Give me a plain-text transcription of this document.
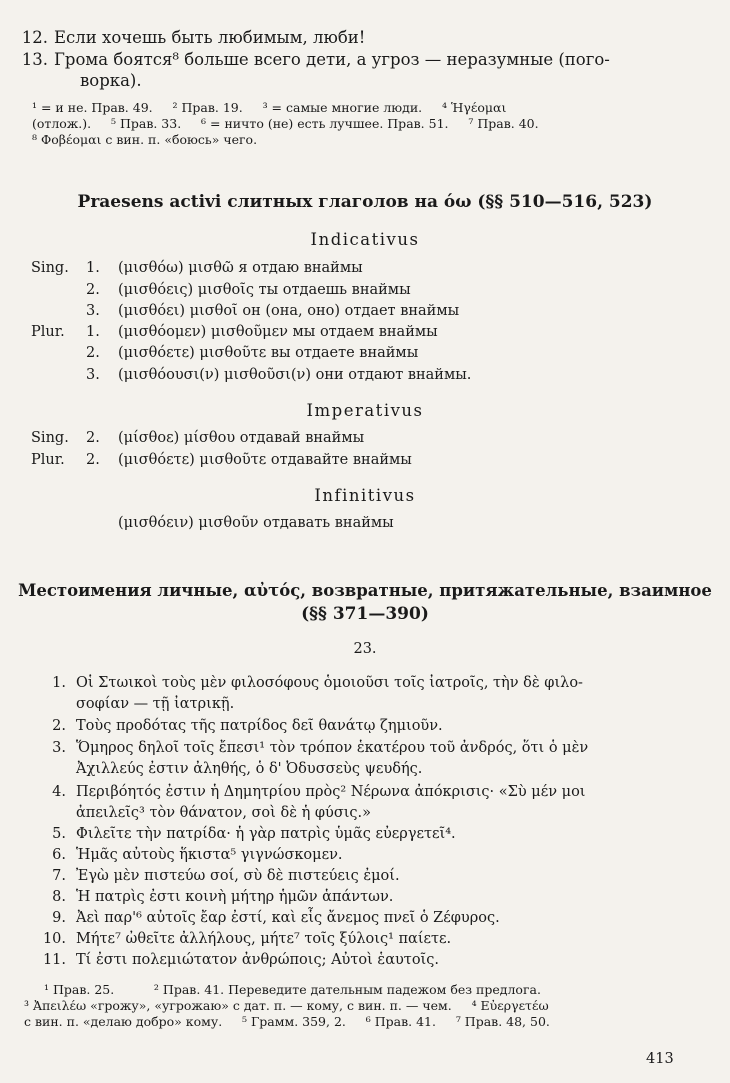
12. Если хочешь быть любимым, люби!
13. Грома боятся⁸ больше всего дети, а угроз — неразумные (пого-
ворка).
¹ = и не. Прав. 49.     ² Прав. 19.     ³ = самые многие люди.     ⁴ Ἡγέομαι
(отлож.).     ⁵ Прав. 33.     ⁶ = ничто (не) есть лучшее. Прав. 51.     ⁷ Прав. 40.
⁸ Φοβέομαι с вин. п. «боюсь» чего.
Praesens activi слитных глаголов на όω (§§ 510—516, 523)
Indicativus
Sing. 1. (μισθόω) μισθῶ я отдаю внаймы
2. (μισθόεις) μισθοῖς ты отдаешь внаймы
3. (μισθόει) μισθοῖ он (она, оно) отдает внаймы
Plur. 1. (μισθόομεν) μισθοῦμεν мы отдаем внаймы
2. (μισθόετε) μισθοῦτε вы отдаете внаймы
3. (μισθόουσι(ν) μισθοῦσι(ν) они отдают внаймы.
Imperativus
Sing. 2. (μίσθοε) μίσθου отдавай внаймы
Plur. 2. (μισθόετε) μισθοῦτε отдавайте внаймы
Infinitivus
(μισθόειν) μισθοῦν отдавать внаймы
Местоимения личные, αὐτός, возвратные, притяжательные, взаимное
(§§ 371—390)
23.
1. Οἱ Στωικοὶ τοὺς μὲν φιλοσόφους ὁμοιοῦσι τοῖς ἰατροῖς, τὴν δὲ φιλο-
σοφίαν — τῇ ἰατρικῇ.
2. Τοὺς προδότας τῆς πατρίδος δεῖ θανάτῳ ζημιοῦν.
3. Ὅμηρος δηλοῖ τοῖς ἔπεσι¹ τὸν τρόπον ἑκατέρου τοῦ ἀνδρός, ὅτι ὁ μὲν
Ἀχιλλεύς ἐστιν ἀληθής, ὁ δ' Ὀδυσσεὺς ψευδής.
4. Περιβόητός ἐστιν ἡ Δημητρίου πρὸς² Νέρωνα ἀπόκρισις· «Σὺ μέν μοι
ἀπειλεῖς³ τὸν θάνατον, σοὶ δὲ ἡ φύσις.»
5. Φιλεῖτε τὴν πατρίδα· ἡ γὰρ πατρὶς ὑμᾶς εὐεργετεῖ⁴.
6. Ἡμᾶς αὐτοὺς ἥκιστα⁵ γιγνώσκομεν.
7. Ἐγὼ μὲν πιστεύω σοί, σὺ δὲ πιστεύεις ἐμοί.
8. Ἡ πατρὶς ἐστι κοινὴ μήτηρ ἡμῶν ἁπάντων.
9. Ἀεὶ παρ'⁶ αὐτοῖς ἔαρ ἐστί, καὶ εἷς ἄνεμος πνεῖ ὁ Ζέφυρος.
10. Μήτε⁷ ὠθεῖτε ἀλλήλους, μήτε⁷ τοῖς ξύλοις¹ παίετε.
11. Τί ἐστι πολεμιώτατον ἀνθρώποις; Αὐτοὶ ἑαυτοῖς.
¹ Прав. 25.          ² Прав. 41. Переведите дательным падежом без предлога.
³ Ἀπειλέω «грожу», «угрожаю» с дат. п. — кому, с вин. п. — чем.     ⁴ Εὐεργετέω
с вин. п. «делаю добро» кому.     ⁵ Грамм. 359, 2.     ⁶ Прав. 41.     ⁷ Прав. 48, 50.
413
